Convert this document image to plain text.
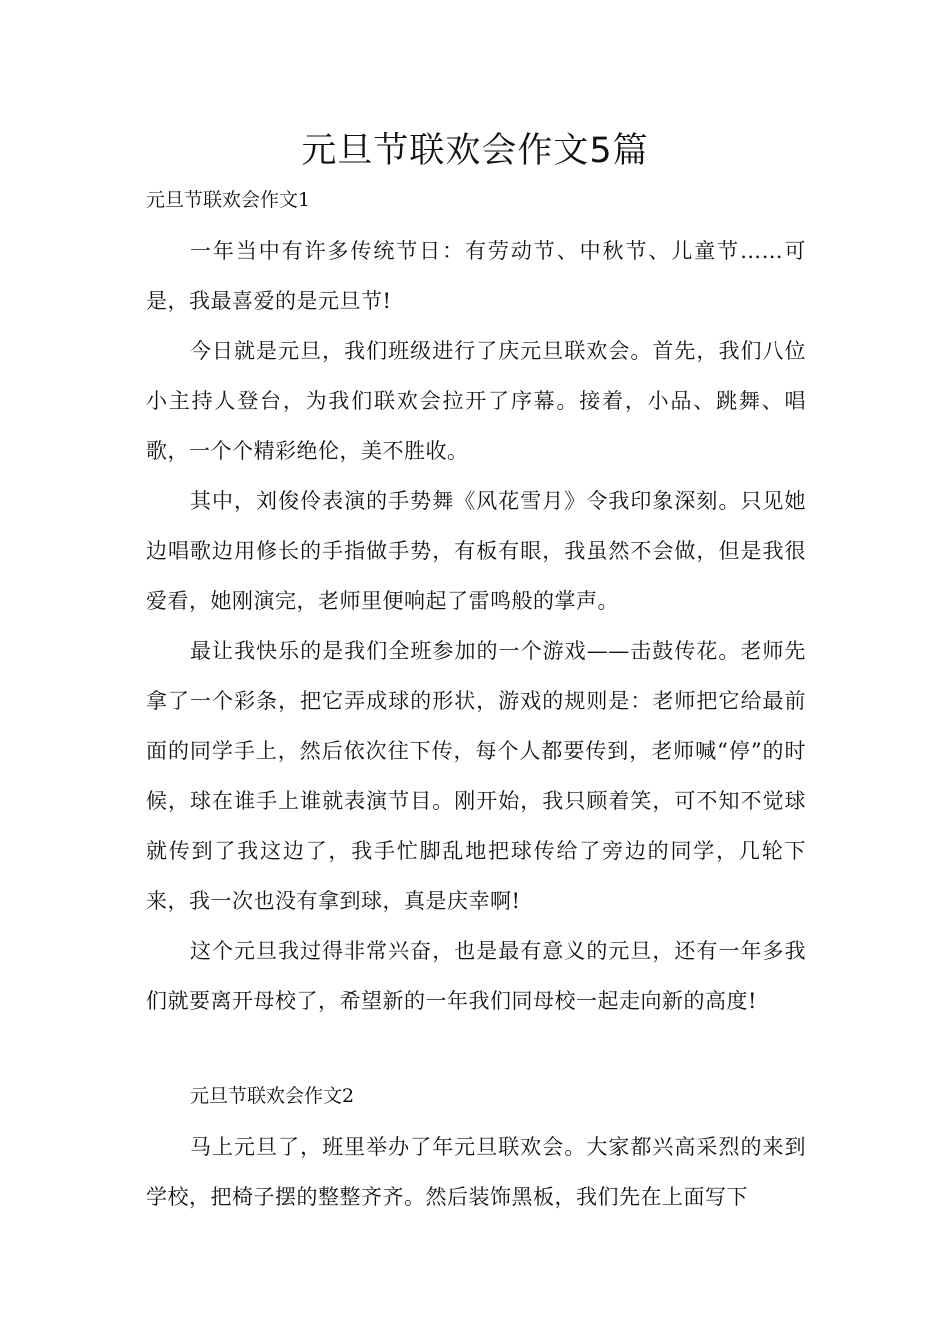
元旦节联欢会作文5篇
元旦节联欢会作文1

一年当中有许多传统节日：有劳动节、中秋节、儿童节……可是，我最喜爱的是元旦节!

今日就是元旦，我们班级进行了庆元旦联欢会。首先，我们八位小主持人登台，为我们联欢会拉开了序幕。接着，小品、跳舞、唱歌，一个个精彩绝伦，美不胜收。

其中，刘俊伶表演的手势舞《风花雪月》令我印象深刻。只见她边唱歌边用修长的手指做手势，有板有眼，我虽然不会做，但是我很爱看，她刚演完，老师里便响起了雷鸣般的掌声。

最让我快乐的是我们全班参加的一个游戏——击鼓传花。老师先拿了一个彩条，把它弄成球的形状，游戏的规则是：老师把它给最前面的同学手上，然后依次往下传，每个人都要传到，老师喊“停”的时候，球在谁手上谁就表演节目。刚开始，我只顾着笑，可不知不觉球就传到了我这边了，我手忙脚乱地把球传给了旁边的同学，几轮下来，我一次也没有拿到球，真是庆幸啊!

这个元旦我过得非常兴奋，也是最有意义的元旦，还有一年多我们就要离开母校了，希望新的一年我们同母校一起走向新的高度!

元旦节联欢会作文2

马上元旦了，班里举办了年元旦联欢会。大家都兴高采烈的来到学校，把椅子摆的整整齐齐。然后装饰黑板，我们先在上面写下
